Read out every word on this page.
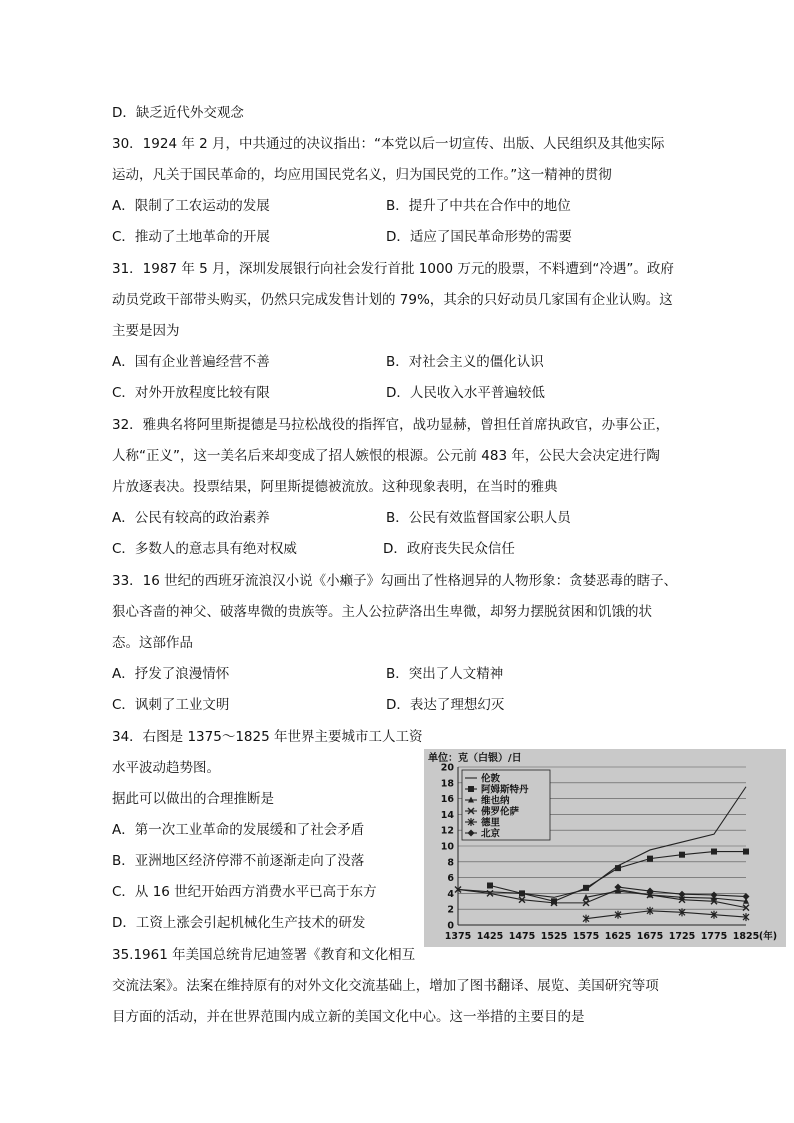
D．缺乏近代外交观念
30．1924 年 2 月，中共通过的决议指出：“本党以后一切宣传、出版、人民组织及其他实际
运动，凡关于国民革命的，均应用国民党名义，归为国民党的工作。”这一精神的贯彻
A．限制了工农运动的发展	B．提升了中共在合作中的地位
C．推动了土地革命的开展	D．适应了国民革命形势的需要
31．1987 年 5 月，深圳发展银行向社会发行首批 1000 万元的股票，不料遭到“冷遇”。政府
动员党政干部带头购买，仍然只完成发售计划的 79%，其余的只好动员几家国有企业认购。这
主要是因为
A．国有企业普遍经营不善	B．对社会主义的僵化认识
C．对外开放程度比较有限	D．人民收入水平普遍较低
32．雅典名将阿里斯提德是马拉松战役的指挥官，战功显赫，曾担任首席执政官，办事公正，
人称“正义”，这一美名后来却变成了招人嫉恨的根源。公元前 483 年，公民大会决定进行陶
片放逐表决。投票结果，阿里斯提德被流放。这种现象表明，在当时的雅典
A．公民有较高的政治素养	B．公民有效监督国家公职人员
C．多数人的意志具有绝对权威	D．政府丧失民众信任
33．16 世纪的西班牙流浪汉小说《小癞子》勾画出了性格迥异的人物形象：贪婪恶毒的瞎子、
狠心吝啬的神父、破落卑微的贵族等。主人公拉萨洛出生卑微，却努力摆脱贫困和饥饿的状
态。这部作品
A．抒发了浪漫情怀	B．突出了人文精神
C．讽刺了工业文明	D．表达了理想幻灭
34．右图是 1375～1825 年世界主要城市工人工资
水平波动趋势图。
据此可以做出的合理推断是
A．第一次工业革命的发展缓和了社会矛盾
B．亚洲地区经济停滞不前逐渐走向了没落
C．从 16 世纪开始西方消费水平已高于东方
D．工资上涨会引起机械化生产技术的研发
35.1961 年美国总统肯尼迪签署《教育和文化相互
交流法案》。法案在维持原有的对外文化交流基础上，增加了图书翻译、展览、美国研究等项
目方面的活动，并在世界范围内成立新的美国文化中心。这一举措的主要目的是
单位：克（白银）/日
0
2
4
6
8
10
12
14
16
18
20
1375 1425 1475 1525 1575 1625 1675 1725 1775 1825 (年)
伦敦
阿姆斯特丹
维也纳
佛罗伦萨
德里
北京
